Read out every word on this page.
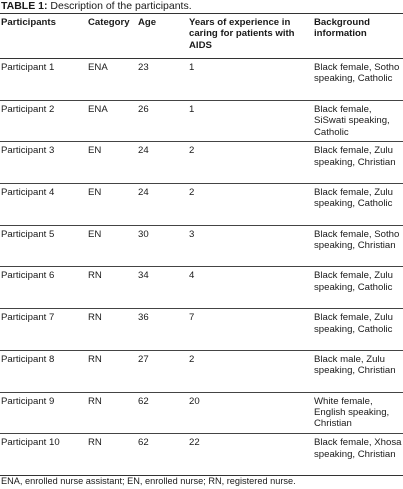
TABLE 1: Description of the participants.
Participants	Category	Age	Years of experience in caring for patients with AIDS	Background information
Participant 1	ENA	23	1	Black female, Sotho speaking, Catholic
Participant 2	ENA	26	1	Black female, SiSwati speaking, Catholic
Participant 3	EN	24	2	Black female, Zulu speaking, Christian
Participant 4	EN	24	2	Black female, Zulu speaking, Catholic
Participant 5	EN	30	3	Black female, Sotho speaking, Christian
Participant 6	RN	34	4	Black female, Zulu speaking, Catholic
Participant 7	RN	36	7	Black female, Zulu speaking, Catholic
Participant 8	RN	27	2	Black male, Zulu speaking, Christian
Participant 9	RN	62	20	White female, English speaking, Christian
Participant 10	RN	62	22	Black female, Xhosa speaking, Christian
ENA, enrolled nurse assistant; EN, enrolled nurse; RN, registered nurse.
